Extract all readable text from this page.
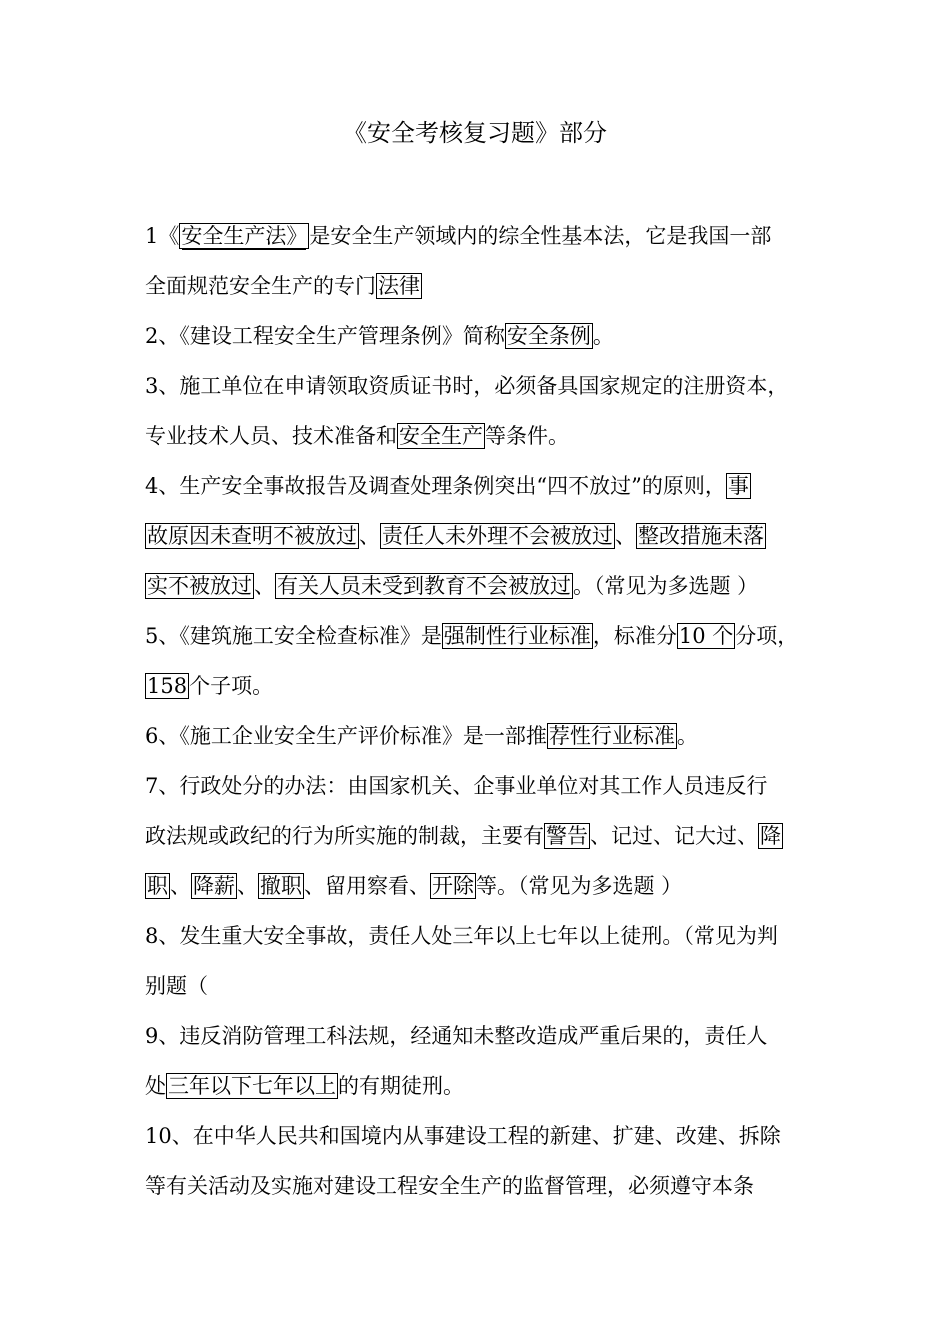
《安全考核复习题》部分
1《安全生产法》是安全生产领域内的综全性基本法，它是我国一部
全面规范安全生产的专门法律
2、《建设工程安全生产管理条例》简称安全条例。
3、施工单位在申请领取资质证书时，必须备具国家规定的注册资本，
专业技术人员、技术准备和安全生产等条件。
4、生产安全事故报告及调查处理条例突出“四不放过”的原则，事
故原因未查明不被放过、责任人未外理不会被放过、整改措施未落
实不被放过、有关人员未受到教育不会被放过。（常见为多选题 ）
5、《建筑施工安全检查标准》是强制性行业标准，标准分10 个分项，
158个子项。
6、《施工企业安全生产评价标准》是一部推荐性行业标准。
7、行政处分的办法：由国家机关、企事业单位对其工作人员违反行
政法规或政纪的行为所实施的制裁，主要有警告、记过、记大过、降
职、降薪、撤职、留用察看、开除等。（常见为多选题 ）
8、发生重大安全事故，责任人处三年以上七年以上徒刑。（常见为判
别题（
9、违反消防管理工科法规，经通知未整改造成严重后果的，责任人
处三年以下七年以上的有期徒刑。
10、在中华人民共和国境内从事建设工程的新建、扩建、改建、拆除
等有关活动及实施对建设工程安全生产的监督管理，必须遵守本条
